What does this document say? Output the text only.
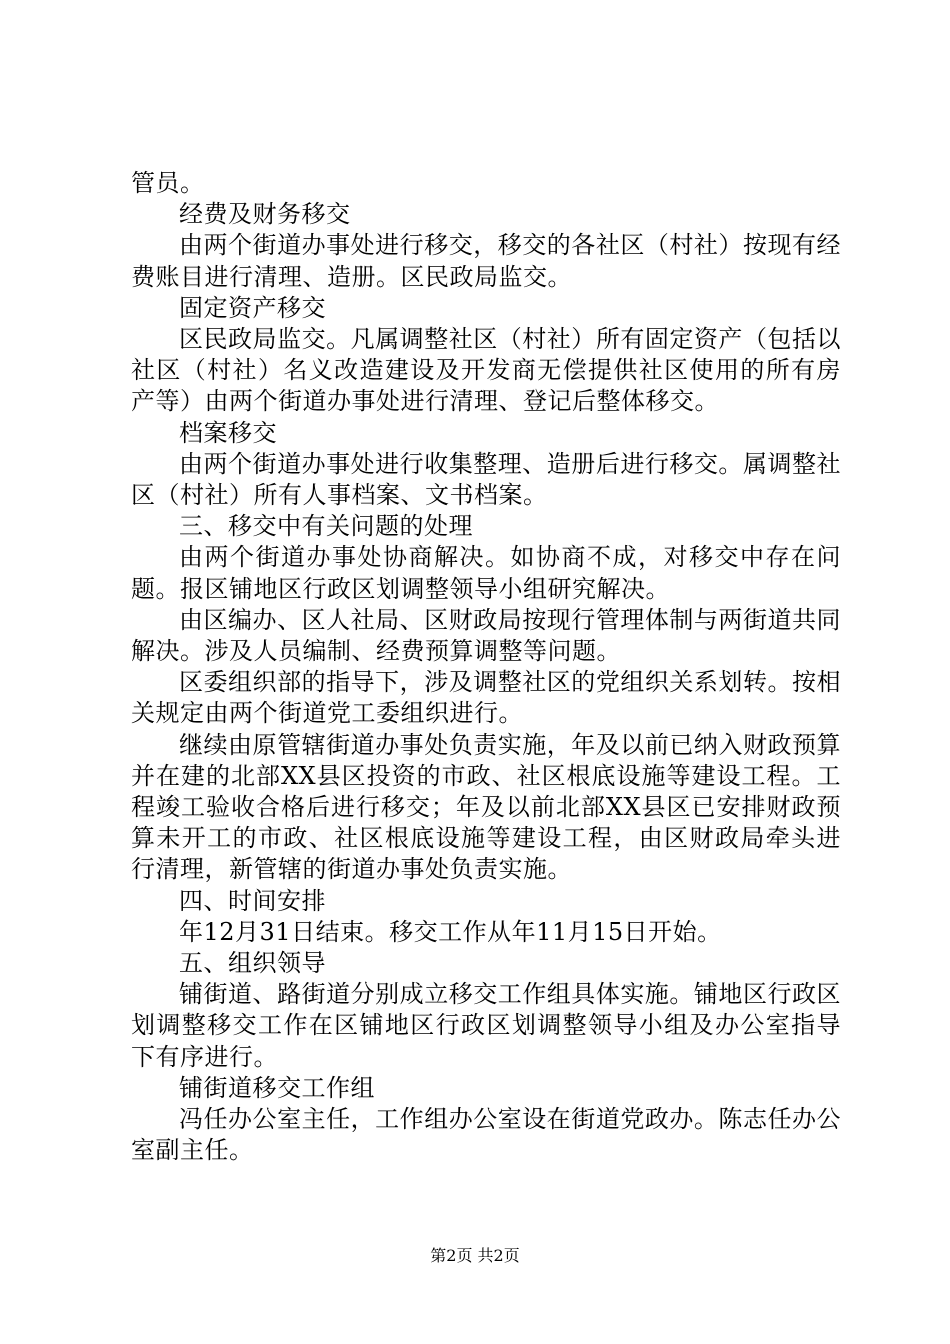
管员。

经费及财务移交

由两个街道办事处进行移交，移交的各社区（村社）按现有经费账目进行清理、造册。区民政局监交。

固定资产移交

区民政局监交。凡属调整社区（村社）所有固定资产（包括以社区（村社）名义改造建设及开发商无偿提供社区使用的所有房产等）由两个街道办事处进行清理、登记后整体移交。

档案移交

由两个街道办事处进行收集整理、造册后进行移交。属调整社区（村社）所有人事档案、文书档案。

三、移交中有关问题的处理

由两个街道办事处协商解决。如协商不成，对移交中存在问题。报区铺地区行政区划调整领导小组研究解决。

由区编办、区人社局、区财政局按现行管理体制与两街道共同解决。涉及人员编制、经费预算调整等问题。

区委组织部的指导下，涉及调整社区的党组织关系划转。按相关规定由两个街道党工委组织进行。

继续由原管辖街道办事处负责实施，年及以前已纳入财政预算并在建的北部XX县区投资的市政、社区根底设施等建设工程。工程竣工验收合格后进行移交；年及以前北部XX县区已安排财政预算未开工的市政、社区根底设施等建设工程，由区财政局牵头进行清理，新管辖的街道办事处负责实施。

四、时间安排

年12月31日结束。移交工作从年11月15日开始。

五、组织领导

铺街道、路街道分别成立移交工作组具体实施。铺地区行政区划调整移交工作在区铺地区行政区划调整领导小组及办公室指导下有序进行。

铺街道移交工作组

冯任办公室主任，工作组办公室设在街道党政办。陈志任办公室副主任。

第2页 共2页
